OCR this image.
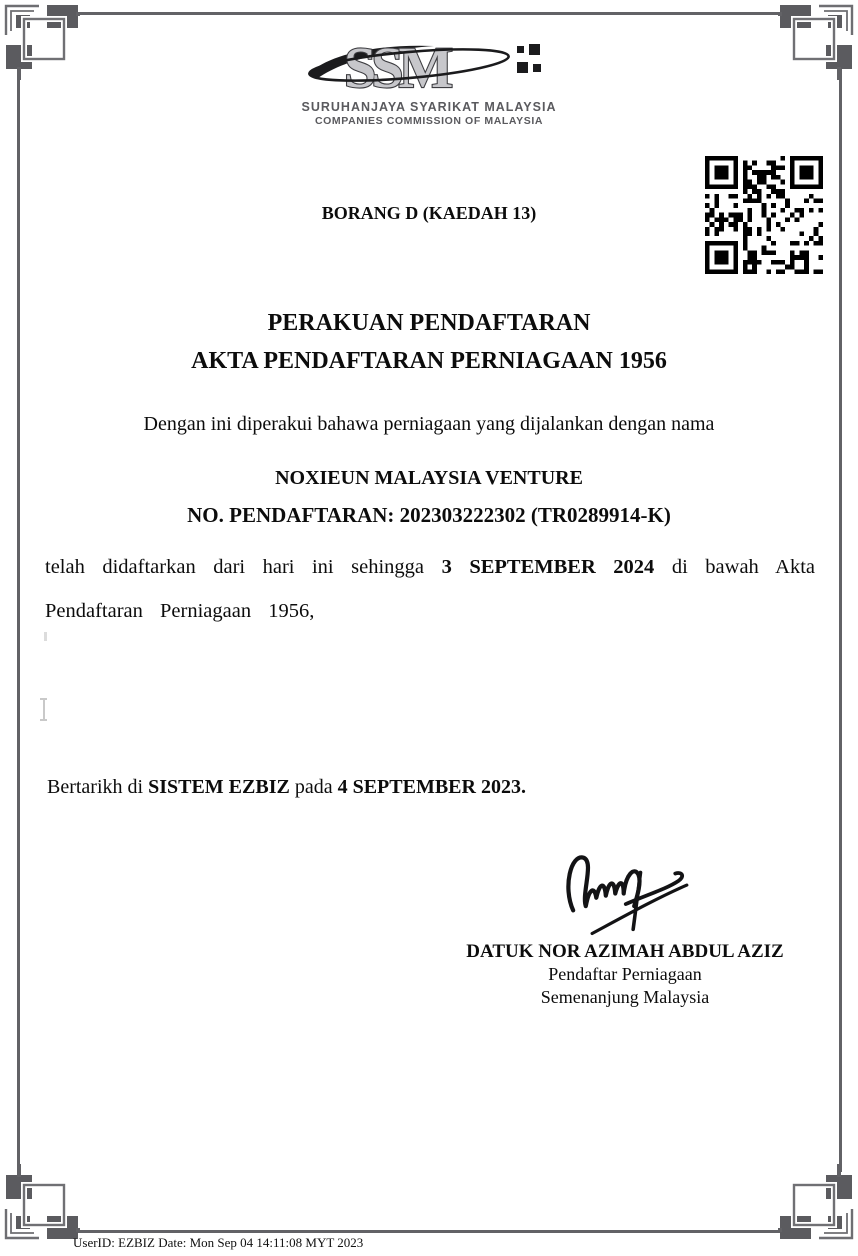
SSM
SURUHANJAYA SYARIKAT MALAYSIA
COMPANIES COMMISSION OF MALAYSIA
BORANG D (KAEDAH 13)
PERAKUAN PENDAFTARAN
AKTA PENDAFTARAN PERNIAGAAN 1956
Dengan ini diperakui bahawa perniagaan yang dijalankan dengan nama
NOXIEUN MALAYSIA VENTURE
NO. PENDAFTARAN: 202303222302 (TR0289914-K)
telah didaftarkan dari hari ini sehingga 3 SEPTEMBER 2024 di bawah Akta
Pendaftaran Perniagaan 1956,
Bertarikh di SISTEM EZBIZ pada 4 SEPTEMBER 2023.
DATUK NOR AZIMAH ABDUL AZIZ
Pendaftar Perniagaan
Semenanjung Malaysia
UserID: EZBIZ Date: Mon Sep 04 14:11:08 MYT 2023
